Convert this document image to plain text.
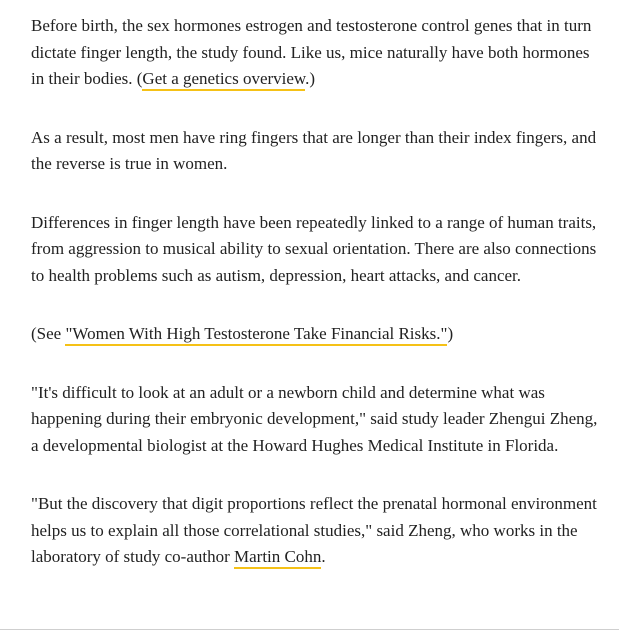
Before birth, the sex hormones estrogen and testosterone control genes that in turn dictate finger length, the study found. Like us, mice naturally have both hormones in their bodies. (Get a genetics overview.)

As a result, most men have ring fingers that are longer than their index fingers, and the reverse is true in women.

Differences in finger length have been repeatedly linked to a range of human traits, from aggression to musical ability to sexual orientation. There are also connections to health problems such as autism, depression, heart attacks, and cancer.

(See "Women With High Testosterone Take Financial Risks.")

"It's difficult to look at an adult or a newborn child and determine what was happening during their embryonic development," said study leader Zhengui Zheng, a developmental biologist at the Howard Hughes Medical Institute in Florida.

"But the discovery that digit proportions reflect the prenatal hormonal environment helps us to explain all those correlational studies," said Zheng, who works in the laboratory of study co-author Martin Cohn.
